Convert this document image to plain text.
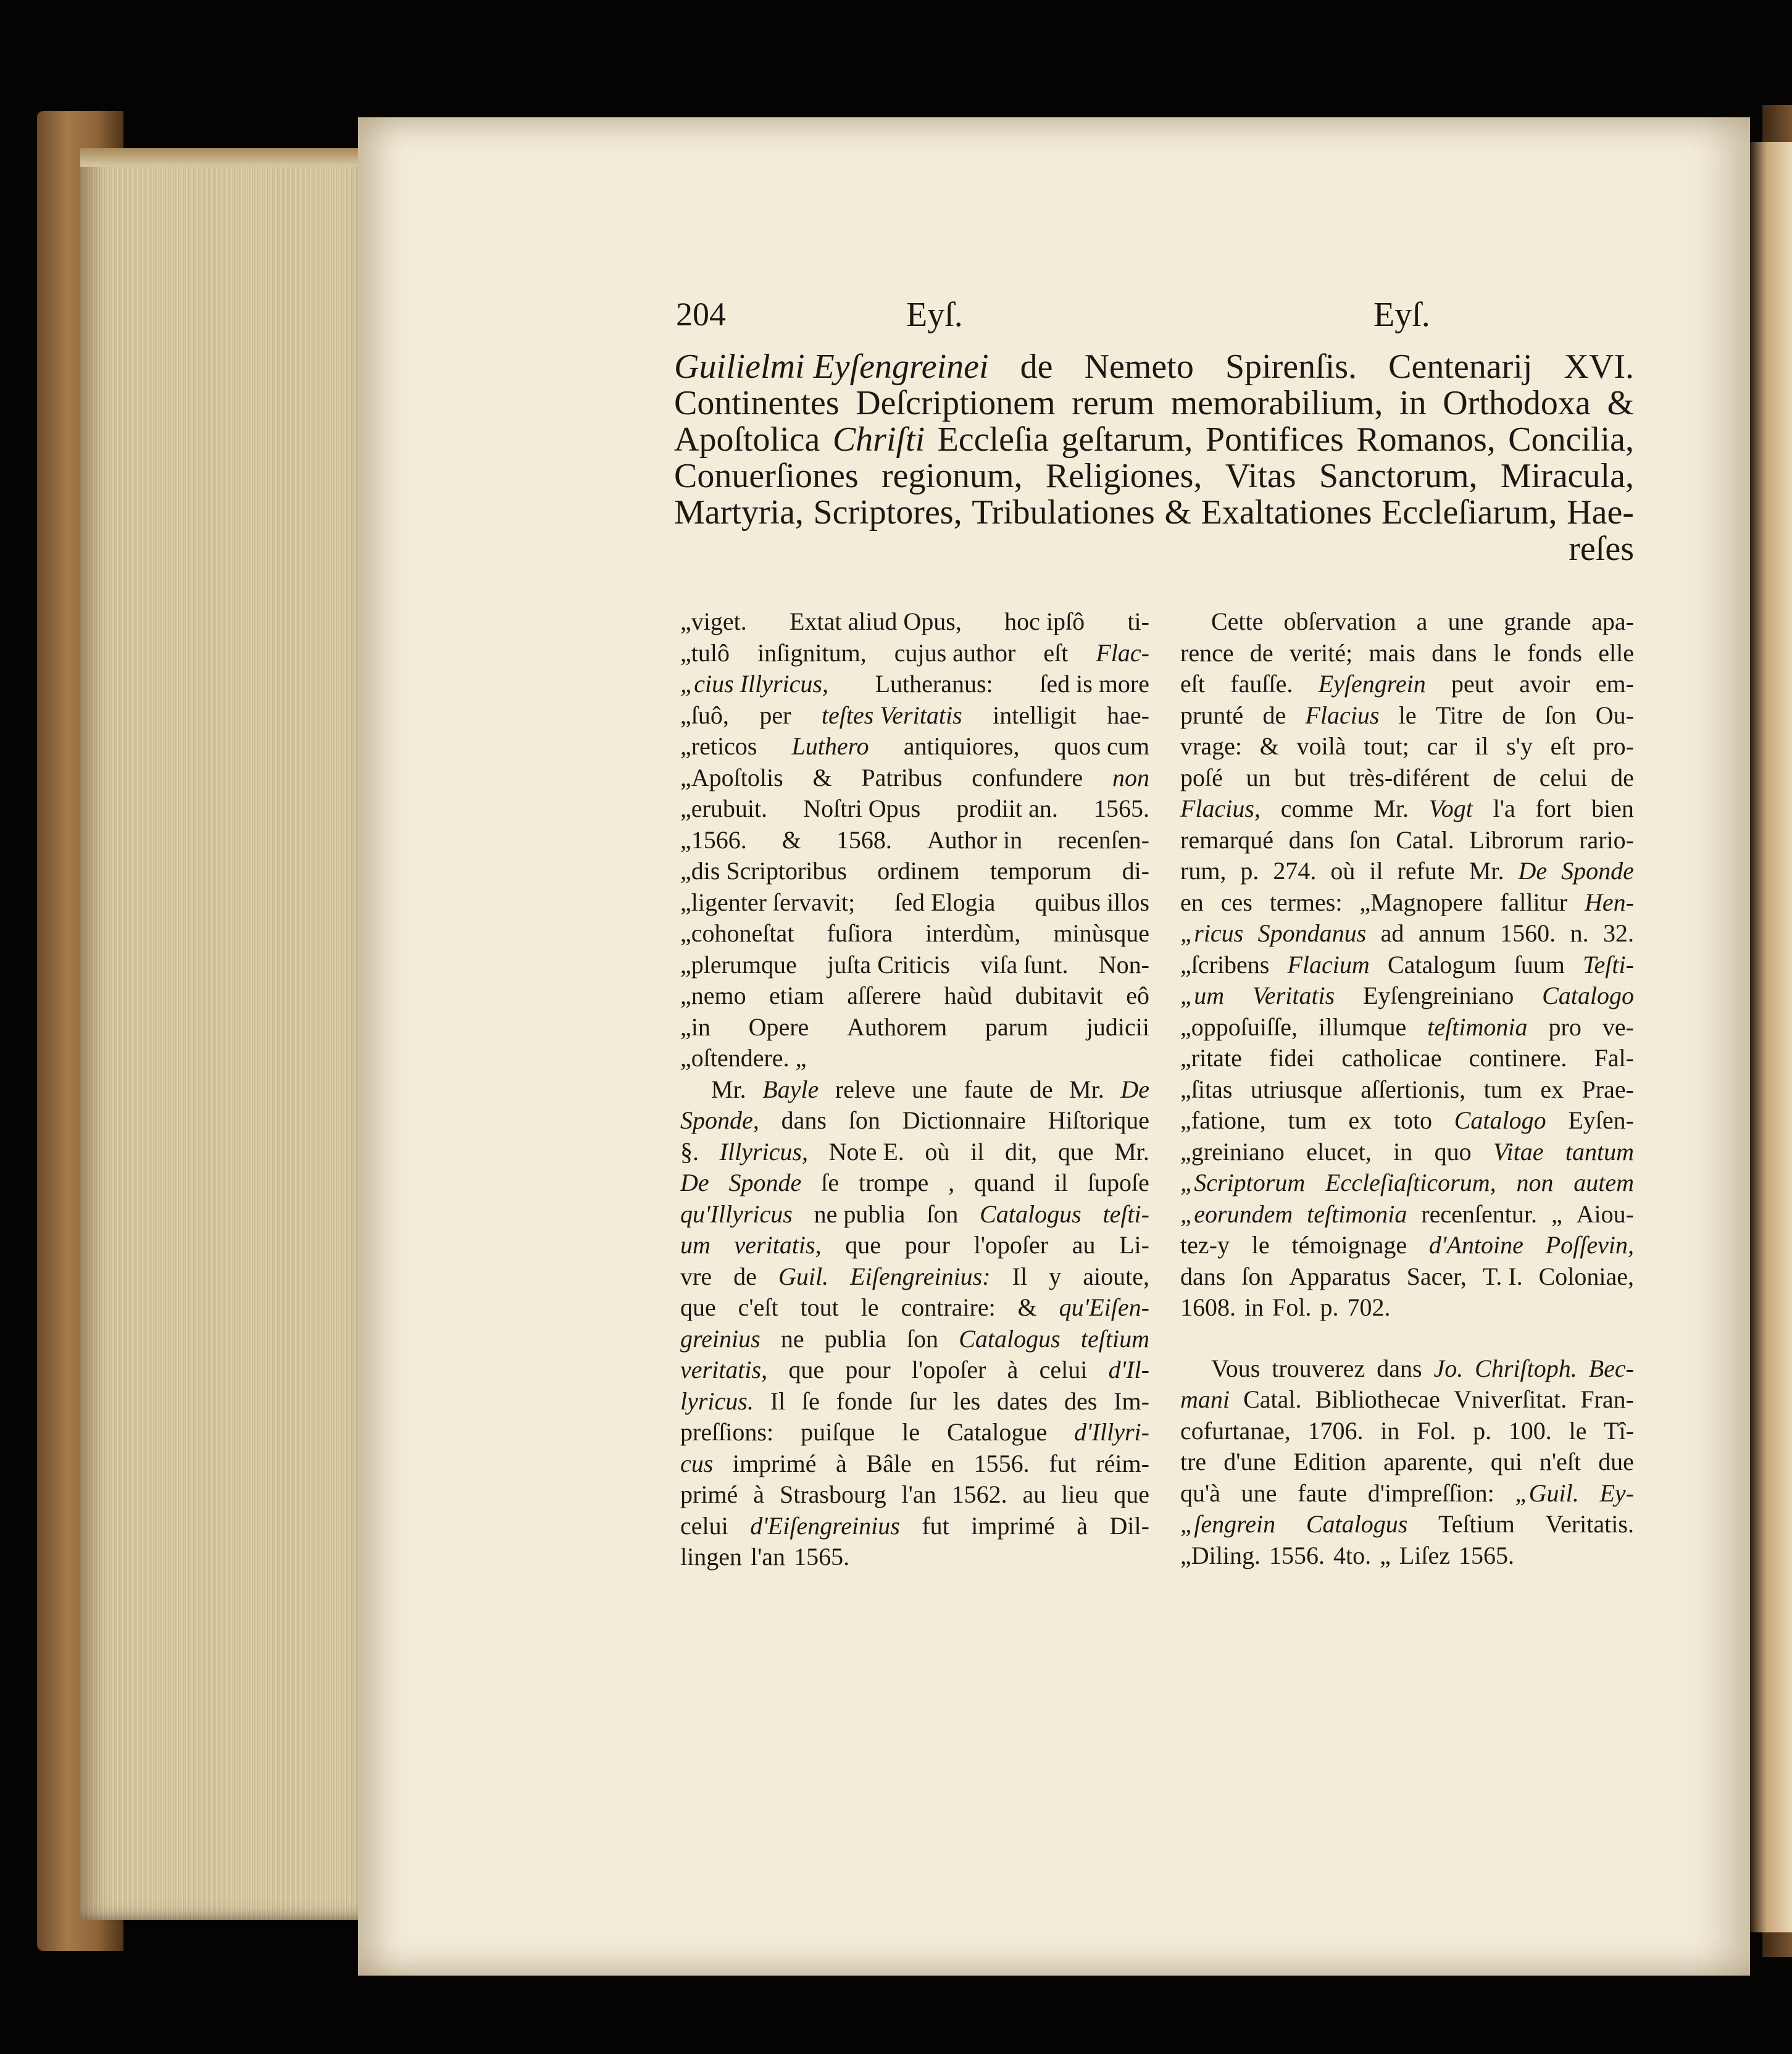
204	Eyſ.	Eyſ.
Guilielmi Eyſengreinei de Nemeto Spirenſis. Centenarij XVI.
Continentes Deſcriptionem rerum memorabilium, in Orthodoxa &
Apoſtolica Chriſti Eccleſia geſtarum, Pontifices Romanos, Concilia,
Conuerſiones regionum, Religiones, Vitas Sanctorum, Miracula,
Martyria, Scriptores, Tribulationes & Exaltationes Eccleſiarum, Hae-
reſes
„viget. Extat aliud Opus, hoc ipſô ti-
„tulô inſignitum, cujus author eſt Flac-
„cius Illyricus, Lutheranus: ſed is more
„ſuô, per teſtes Veritatis intelligit hae-
„reticos Luthero antiquiores, quos cum
„Apoſtolis & Patribus confundere non
„erubuit. Noſtri Opus prodiit an. 1565.
„1566. & 1568. Author in recenſen-
„dis Scriptoribus ordinem temporum di-
„ligenter ſervavit; ſed Elogia quibus illos
„cohoneſtat fuſiora interdùm, minùsque
„plerumque juſta Criticis viſa ſunt. Non-
„nemo etiam aſſerere haùd dubitavit eô
„in Opere Authorem parum judicii
„oſtendere. „
Mr. Bayle releve une faute de Mr. De
Sponde, dans ſon Dictionnaire Hiſtorique
§. Illyricus, Note E. où il dit, que Mr.
De Sponde ſe trompe , quand il ſupoſe
qu'Illyricus ne publia ſon Catalogus teſti-
um veritatis, que pour l'opoſer au Li-
vre de Guil. Eiſengreinius: Il y aioute,
que c'eſt tout le contraire: & qu'Eiſen-
greinius ne publia ſon Catalogus teſtium
veritatis, que pour l'opoſer à celui d'Il-
lyricus. Il ſe fonde ſur les dates des Im-
preſſions: puiſque le Catalogue d'Illyri-
cus imprimé à Bâle en 1556. fut réim-
primé à Strasbourg l'an 1562. au lieu que
celui d'Eiſengreinius fut imprimé à Dil-
lingen l'an 1565.
Cette obſervation a une grande apa-
rence de verité; mais dans le fonds elle
eſt fauſſe. Eyſengrein peut avoir em-
prunté de Flacius le Titre de ſon Ou-
vrage: & voilà tout; car il s'y eſt pro-
poſé un but très-diférent de celui de
Flacius, comme Mr. Vogt l'a fort bien
remarqué dans ſon Catal. Librorum rario-
rum, p. 274. où il refute Mr. De Sponde
en ces termes: „Magnopere fallitur Hen-
„ricus Spondanus ad annum 1560. n. 32.
„ſcribens Flacium Catalogum ſuum Teſti-
„um Veritatis Eyſengreiniano Catalogo
„oppoſuiſſe, illumque teſtimonia pro ve-
„ritate fidei catholicae continere. Fal-
„ſitas utriusque aſſertionis, tum ex Prae-
„fatione, tum ex toto Catalogo Eyſen-
„greiniano elucet, in quo Vitae tantum
„Scriptorum Eccleſiaſticorum, non autem
„eorundem teſtimonia recenſentur. „ Aiou-
tez-y le témoignage d'Antoine Poſſevin,
dans ſon Apparatus Sacer, T. I. Coloniae,
1608. in Fol. p. 702.
Vous trouverez dans Jo. Chriſtoph. Bec-
mani Catal. Bibliothecae Vniverſitat. Fran-
cofurtanae, 1706. in Fol. p. 100. le Tî-
tre d'une Edition aparente, qui n'eſt due
qu'à une faute d'impreſſion: „Guil. Ey-
„ſengrein Catalogus Teſtium Veritatis.
„Diling. 1556. 4to. „ Liſez 1565.
